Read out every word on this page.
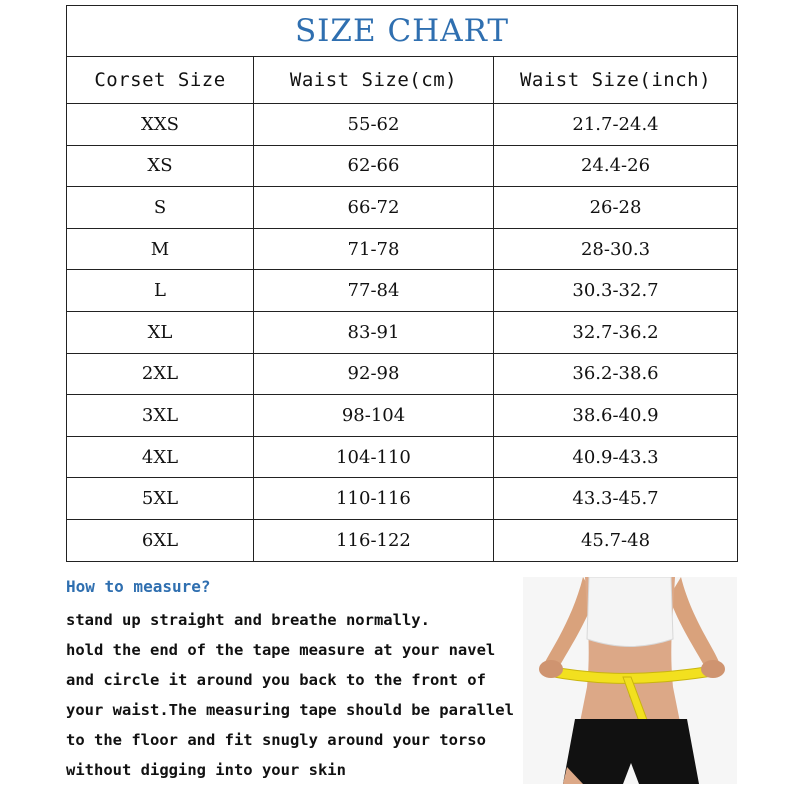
SIZE CHART		
Corset Size	Waist Size(cm)	Waist Size(inch)
XXS	55-62	21.7-24.4
XS	62-66	24.4-26
S	66-72	26-28
M	71-78	28-30.3
L	77-84	30.3-32.7
XL	83-91	32.7-36.2
2XL	92-98	36.2-38.6
3XL	98-104	38.6-40.9
4XL	104-110	40.9-43.3
5XL	110-116	43.3-45.7
6XL	116-122	45.7-48
How to measure?
stand up straight and breathe normally.
hold the end of the tape measure at your navel
and circle it around you back to the front of
your waist.The measuring tape should be parallel
to the floor and fit snugly around your torso
without digging into your skin
